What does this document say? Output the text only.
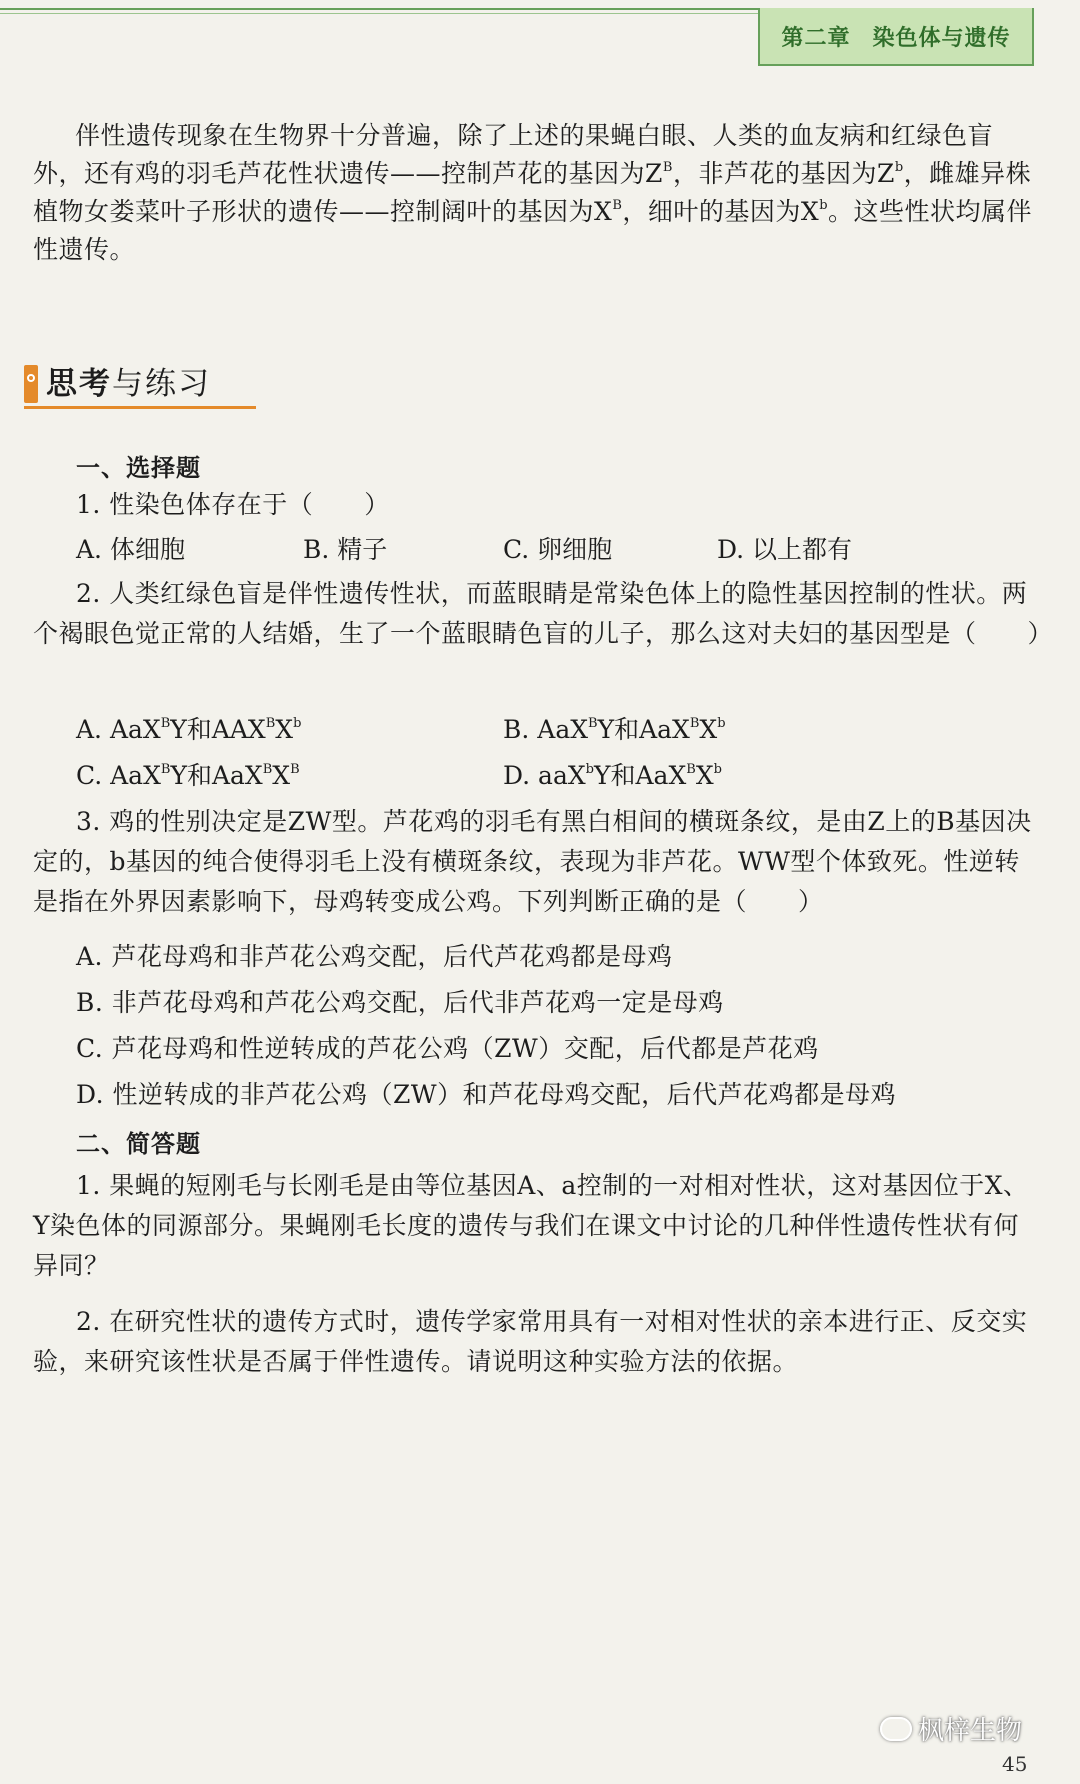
第二章 染色体与遗传
伴性遗传现象在生物界十分普遍，除了上述的果蝇白眼、人类的血友病和红绿色盲外，还有鸡的羽毛芦花性状遗传——控制芦花的基因为$Z^B$，非芦花的基因为$Z^b$，雌雄异株植物女娄菜叶子形状的遗传——控制阔叶的基因为$X^B$，细叶的基因为$X^b$。这些性状均属伴性遗传。
思考与练习
一、选择题
1. 性染色体存在于（　　）
A. 体细胞	B. 精子	C. 卵细胞	D. 以上都有
2. 人类红绿色盲是伴性遗传性状，而蓝眼睛是常染色体上的隐性基因控制的性状。两个褐眼色觉正常的人结婚，生了一个蓝眼睛色盲的儿子，那么这对夫妇的基因型是（　　）
A. AaX$^B$Y和$AAX^BX^b$	B. AaX$^B$Y和$AaX^BX^b$
C. AaX$^B$Y和$AaX^BX^B$	D. aaX$^b$Y和$AaX^BX^b$
3. 鸡的性别决定是ZW型。芦花鸡的羽毛有黑白相间的横斑条纹，是由Z上的B基因决定的，b基因的纯合使得羽毛上没有横斑条纹，表现为非芦花。WW型个体致死。性逆转是指在外界因素影响下，母鸡转变成公鸡。下列判断正确的是（　　）
A. 芦花母鸡和非芦花公鸡交配，后代芦花鸡都是母鸡
B. 非芦花母鸡和芦花公鸡交配，后代非芦花鸡一定是母鸡
C. 芦花母鸡和性逆转成的芦花公鸡（ZW）交配，后代都是芦花鸡
D. 性逆转成的非芦花公鸡（ZW）和芦花母鸡交配，后代芦花鸡都是母鸡
二、简答题
1. 果蝇的短刚毛与长刚毛是由等位基因A、a控制的一对相对性状，这对基因位于X、Y染色体的同源部分。果蝇刚毛长度的遗传与我们在课文中讨论的几种伴性遗传性状有何异同？
2. 在研究性状的遗传方式时，遗传学家常用具有一对相对性状的亲本进行正、反交实验，来研究该性状是否属于伴性遗传。请说明这种实验方法的依据。
枫梓生物
45
